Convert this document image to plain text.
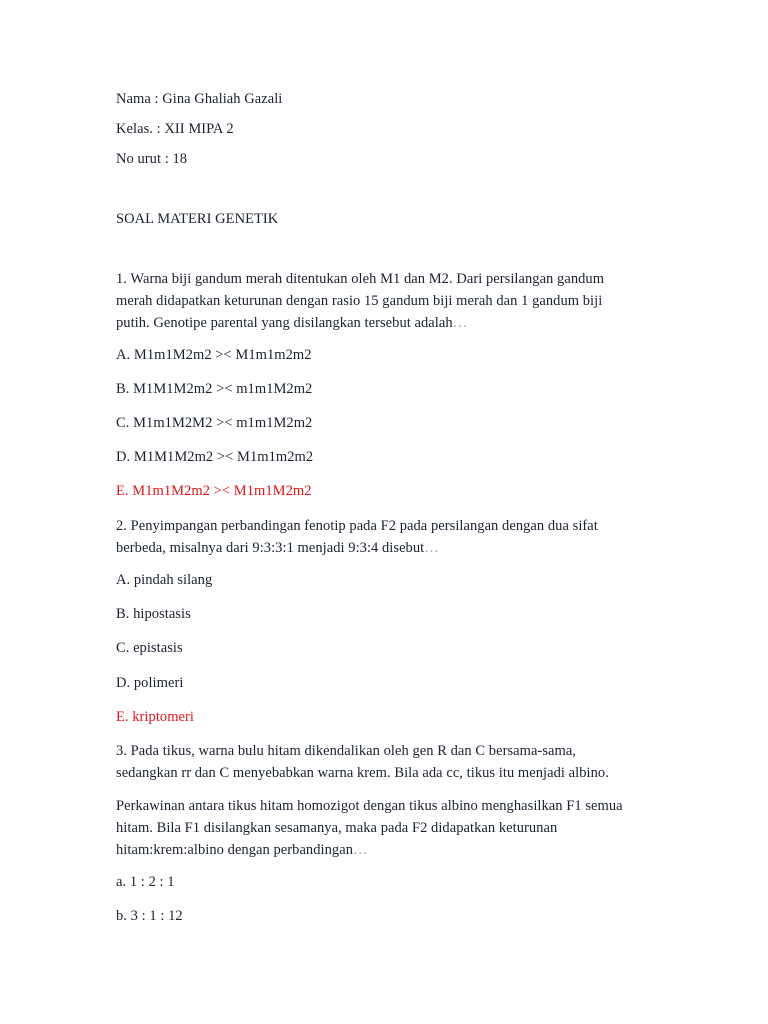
Nama : Gina Ghaliah Gazali
Kelas. : XII MIPA 2
No urut : 18
SOAL MATERI GENETIK
1. Warna biji gandum merah ditentukan oleh M1 dan M2. Dari persilangan gandum
merah didapatkan keturunan dengan rasio 15 gandum biji merah dan 1 gandum biji
putih. Genotipe parental yang disilangkan tersebut adalah…
A. M1m1M2m2 >< M1m1m2m2
B. M1M1M2m2 >< m1m1M2m2
C. M1m1M2M2 >< m1m1M2m2
D. M1M1M2m2 >< M1m1m2m2
E. M1m1M2m2 >< M1m1M2m2
2. Penyimpangan perbandingan fenotip pada F2 pada persilangan dengan dua sifat
berbeda, misalnya dari 9:3:3:1 menjadi 9:3:4 disebut…
A. pindah silang
B. hipostasis
C. epistasis
D. polimeri
E. kriptomeri
3. Pada tikus, warna bulu hitam dikendalikan oleh gen R dan C bersama-sama,
sedangkan rr dan C menyebabkan warna krem. Bila ada cc, tikus itu menjadi albino.
Perkawinan antara tikus hitam homozigot dengan tikus albino menghasilkan F1 semua
hitam. Bila F1 disilangkan sesamanya, maka pada F2 didapatkan keturunan
hitam:krem:albino dengan perbandingan…
a. 1 : 2 : 1
b. 3 : 1 : 12
